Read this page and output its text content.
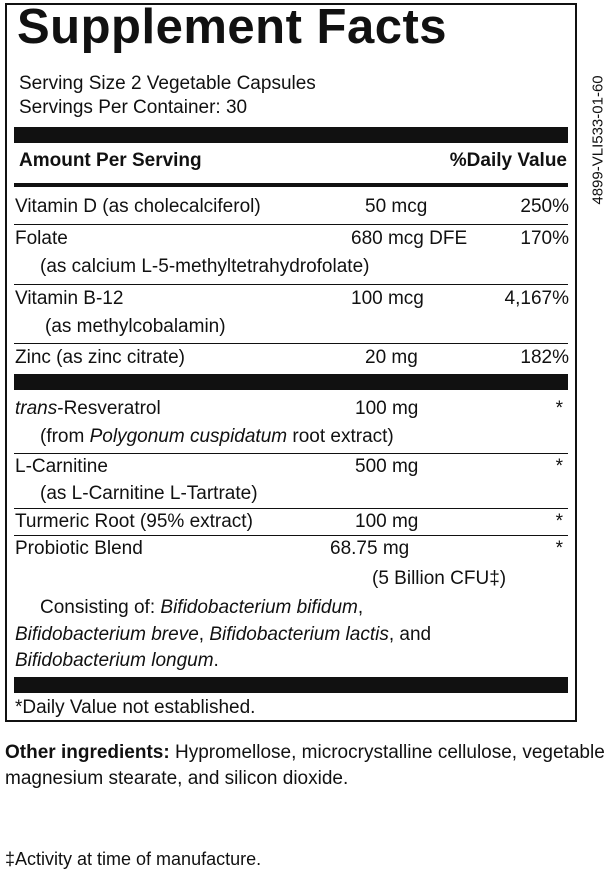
Supplement Facts
Serving Size 2 Vegetable Capsules
Servings Per Container: 30
Amount Per Serving	%Daily Value
Vitamin D (as cholecalciferol)	50 mcg	250%
Folate	680 mcg DFE	170%
(as calcium L-5-methyltetrahydrofolate)
Vitamin B-12	100 mcg	4,167%
(as methylcobalamin)
Zinc (as zinc citrate)	20 mg	182%
trans-Resveratrol	100 mg	*
(from Polygonum cuspidatum root extract)
L-Carnitine	500 mg	*
(as L-Carnitine L-Tartrate)
Turmeric Root (95% extract)	100 mg	*
Probiotic Blend	68.75 mg	*
(5 Billion CFU‡)
Consisting of: Bifidobacterium bifidum,
Bifidobacterium breve, Bifidobacterium lactis, and
Bifidobacterium longum.
*Daily Value not established.
4899-VLI533-01-60
Other ingredients: Hypromellose, microcrystalline cellulose, vegetable magnesium stearate, and silicon dioxide.
‡Activity at time of manufacture.
